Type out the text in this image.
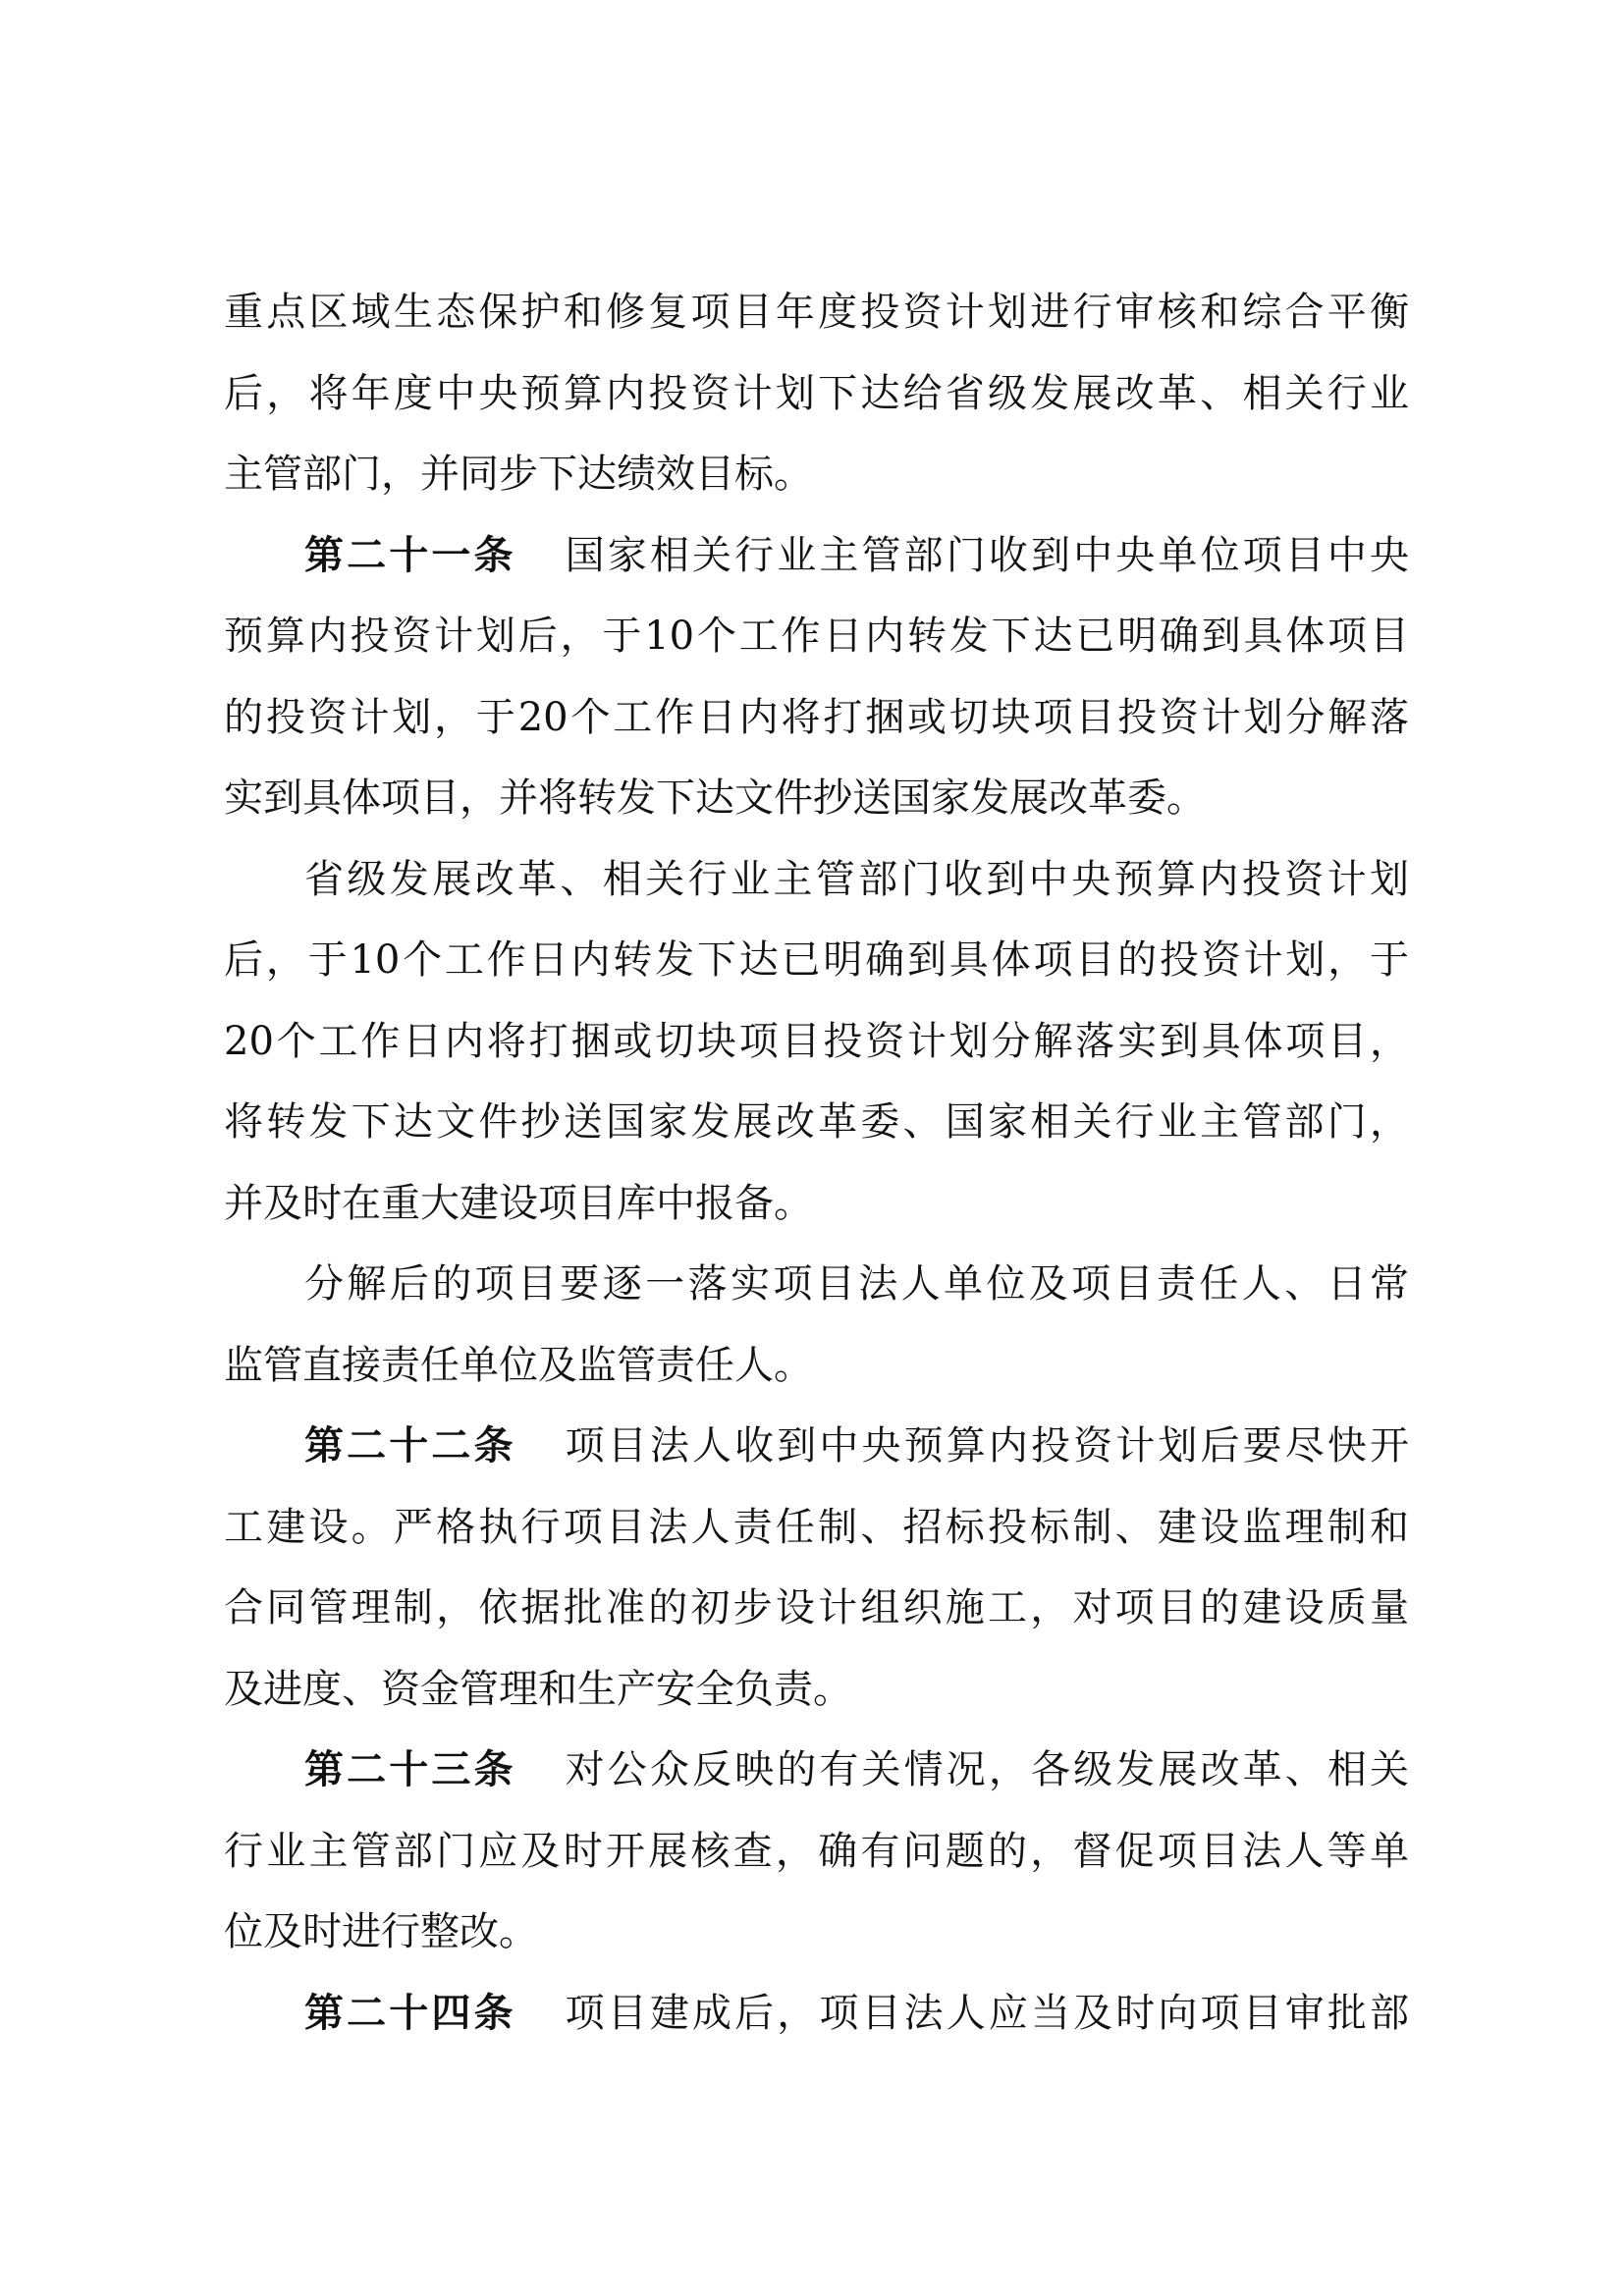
重点区域生态保护和修复项目年度投资计划进行审核和综合平衡
后，将年度中央预算内投资计划下达给省级发展改革、相关行业
主管部门，并同步下达绩效目标。
第二十一条 国家相关行业主管部门收到中央单位项目中央
预算内投资计划后，于10个工作日内转发下达已明确到具体项目
的投资计划，于20个工作日内将打捆或切块项目投资计划分解落
实到具体项目，并将转发下达文件抄送国家发展改革委。
省级发展改革、相关行业主管部门收到中央预算内投资计划
后，于10个工作日内转发下达已明确到具体项目的投资计划，于
20个工作日内将打捆或切块项目投资计划分解落实到具体项目，
将转发下达文件抄送国家发展改革委、国家相关行业主管部门，
并及时在重大建设项目库中报备。
分解后的项目要逐一落实项目法人单位及项目责任人、日常
监管直接责任单位及监管责任人。
第二十二条 项目法人收到中央预算内投资计划后要尽快开
工建设。严格执行项目法人责任制、招标投标制、建设监理制和
合同管理制，依据批准的初步设计组织施工，对项目的建设质量
及进度、资金管理和生产安全负责。
第二十三条 对公众反映的有关情况，各级发展改革、相关
行业主管部门应及时开展核查，确有问题的，督促项目法人等单
位及时进行整改。
第二十四条 项目建成后，项目法人应当及时向项目审批部
